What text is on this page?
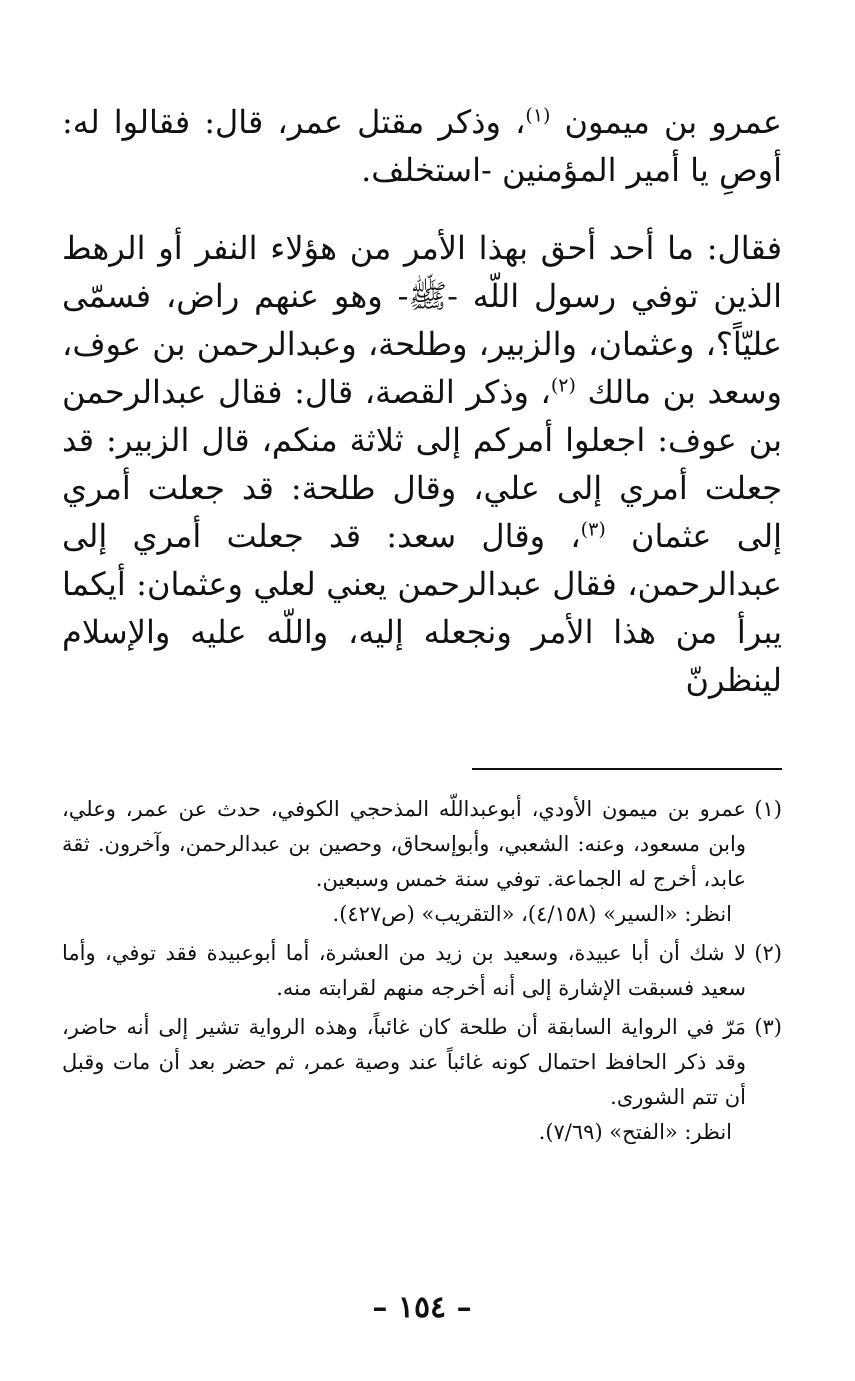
عمرو بن ميمون $^{(١)}$، وذكر مقتل عمر، قال: فقالوا له: أوصِ يا أمير المؤمنين -استخلف.

فقال: ما أحد أحق بهذا الأمر من هؤلاء النفر أو الرهط الذين توفي رسول اللّه -ﷺ- وهو عنهم راض، فسمّى عليّاً؟، وعثمان، والزبير، وطلحة، وعبدالرحمن بن عوف، وسعد بن مالك $^{(٢)}$، وذكر القصة، قال: فقال عبدالرحمن بن عوف: اجعلوا أمركم إلى ثلاثة منكم، قال الزبير: قد جعلت أمري إلى علي، وقال طلحة: قد جعلت أمري إلى عثمان $^{(٣)}$، وقال سعد: قد جعلت أمري إلى عبدالرحمن، فقال عبدالرحمن يعني لعلي وعثمان: أيكما يبرأ من هذا الأمر ونجعله إليه، واللّه عليه والإسلام لينظرنّ

(١)
عمرو بن ميمون الأودي، أبوعبداللّه المذحجي الكوفي، حدث عن عمر، وعلي، وابن مسعود، وعنه: الشعبي، وأبوإسحاق، وحصين بن عبدالرحمن، وآخرون. ثقة عابد، أخرج له الجماعة. توفي سنة خمس وسبعين.
انظر: «السير» (٤/١٥٨)، «التقريب» (ص٤٢٧).
(٢)
لا شك أن أبا عبيدة، وسعيد بن زيد من العشرة، أما أبوعبيدة فقد توفي، وأما سعيد فسبقت الإشارة إلى أنه أخرجه منهم لقرابته منه.
(٣)
مَرّ في الرواية السابقة أن طلحة كان غائباً، وهذه الرواية تشير إلى أنه حاضر، وقد ذكر الحافظ احتمال كونه غائباً عند وصية عمر، ثم حضر بعد أن مات وقبل أن تتم الشورى.
انظر: «الفتح» (٧/٦٩).
– ١٥٤ –
